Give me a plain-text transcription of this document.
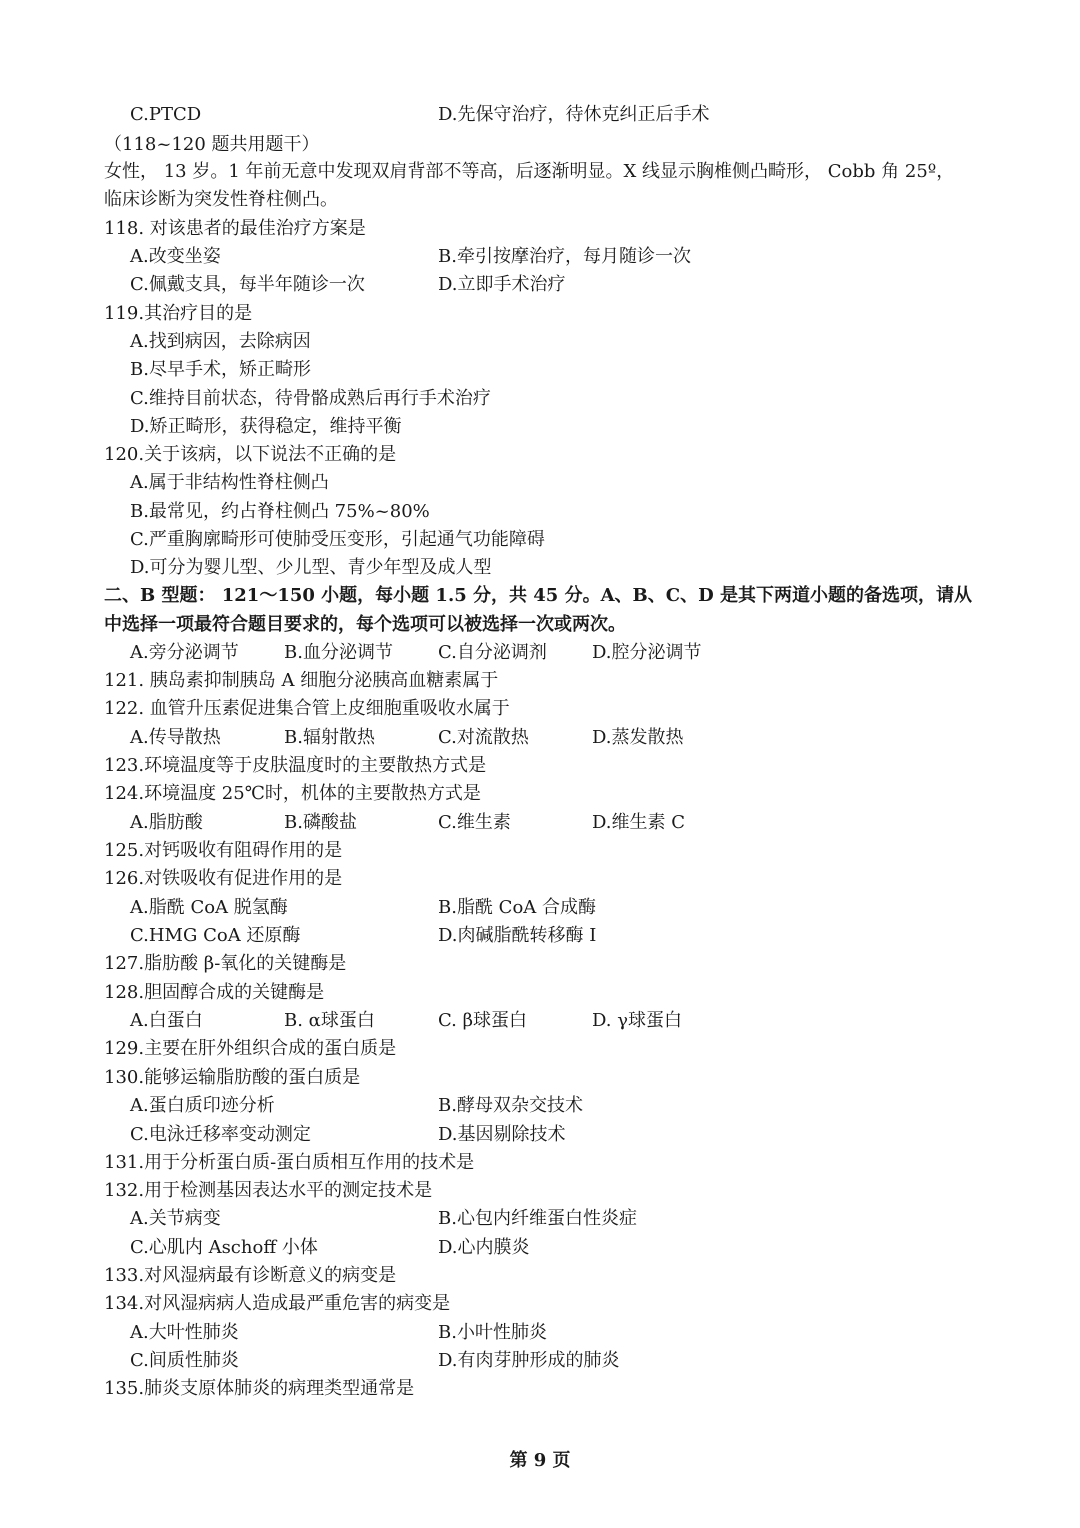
C.PTCD	D.先保守治疗，待休克纠正后手术
（118~120 题共用题干）
女性， 13 岁。1 年前无意中发现双肩背部不等高，后逐渐明显。X 线显示胸椎侧凸畸形， Cobb 角 25º，
临床诊断为突发性脊柱侧凸。
118. 对该患者的最佳治疗方案是
A.改变坐姿	B.牵引按摩治疗，每月随诊一次
C.佩戴支具，每半年随诊一次	D.立即手术治疗
119.其治疗目的是
A.找到病因，去除病因
B.尽早手术，矫正畸形
C.维持目前状态，待骨骼成熟后再行手术治疗
D.矫正畸形，获得稳定，维持平衡
120.关于该病，以下说法不正确的是
A.属于非结构性脊柱侧凸
B.最常见，约占脊柱侧凸 75%~80%
C.严重胸廓畸形可使肺受压变形，引起通气功能障碍
D.可分为婴儿型、少儿型、青少年型及成人型
二、B 型题： 121～150 小题，每小题 1.5 分，共 45 分。A、B、C、D 是其下两道小题的备选项，请从
中选择一项最符合题目要求的，每个选项可以被选择一次或两次。
A.旁分泌调节	B.血分泌调节	C.自分泌调剂	D.腔分泌调节
121. 胰岛素抑制胰岛 A 细胞分泌胰高血糖素属于
122. 血管升压素促进集合管上皮细胞重吸收水属于
A.传导散热	B.辐射散热	C.对流散热	D.蒸发散热
123.环境温度等于皮肤温度时的主要散热方式是
124.环境温度 25℃时，机体的主要散热方式是
A.脂肪酸	B.磷酸盐	C.维生素	D.维生素 C
125.对钙吸收有阻碍作用的是
126.对铁吸收有促进作用的是
A.脂酰 CoA 脱氢酶	B.脂酰 CoA 合成酶
C.HMG CoA 还原酶	D.肉碱脂酰转移酶 I
127.脂肪酸 β-氧化的关键酶是
128.胆固醇合成的关键酶是
A.白蛋白	B. α球蛋白	C. β球蛋白	D. γ球蛋白
129.主要在肝外组织合成的蛋白质是
130.能够运输脂肪酸的蛋白质是
A.蛋白质印迹分析	B.酵母双杂交技术
C.电泳迁移率变动测定	D.基因剔除技术
131.用于分析蛋白质-蛋白质相互作用的技术是
132.用于检测基因表达水平的测定技术是
A.关节病变	B.心包内纤维蛋白性炎症
C.心肌内 Aschoff 小体	D.心内膜炎
133.对风湿病最有诊断意义的病变是
134.对风湿病病人造成最严重危害的病变是
A.大叶性肺炎	B.小叶性肺炎
C.间质性肺炎	D.有肉芽肿形成的肺炎
135.肺炎支原体肺炎的病理类型通常是
第 9 页
